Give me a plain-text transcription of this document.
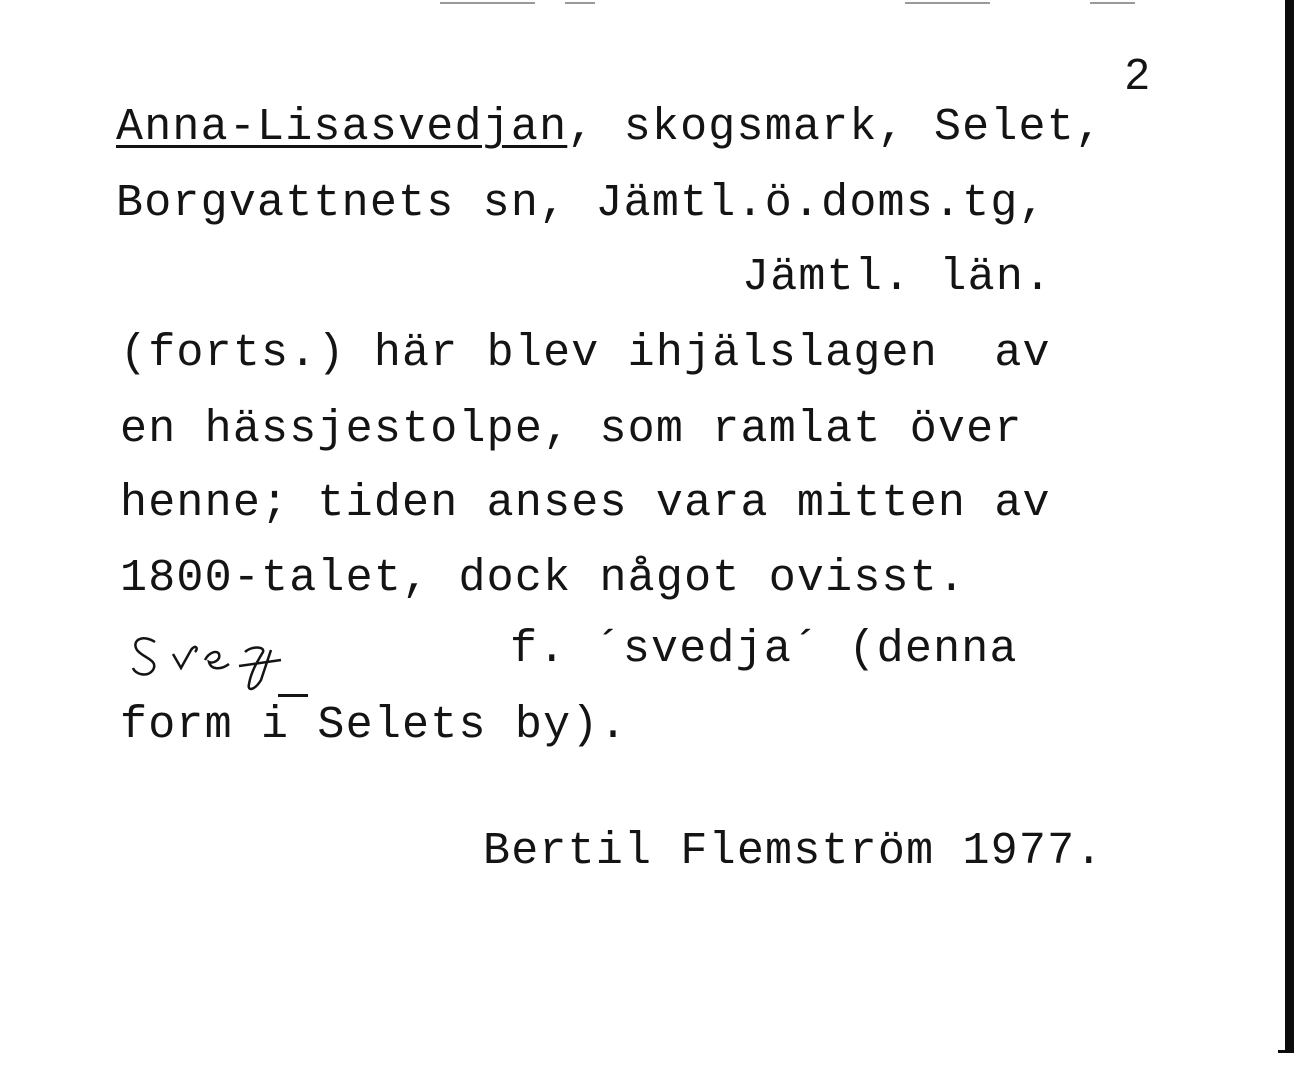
2
Anna-Lisasvedjan, skogsmark, Selet,
Borgvattnets sn, Jämtl.ö.doms.tg,
Jämtl. län.
(forts.) här blev ihjälslagen  av
en hässjestolpe, som ramlat över
henne; tiden anses vara mitten av
1800-talet, dock något ovisst.
f. ´svedja´ (denna
form i Selets by).
Bertil Flemström 1977.
